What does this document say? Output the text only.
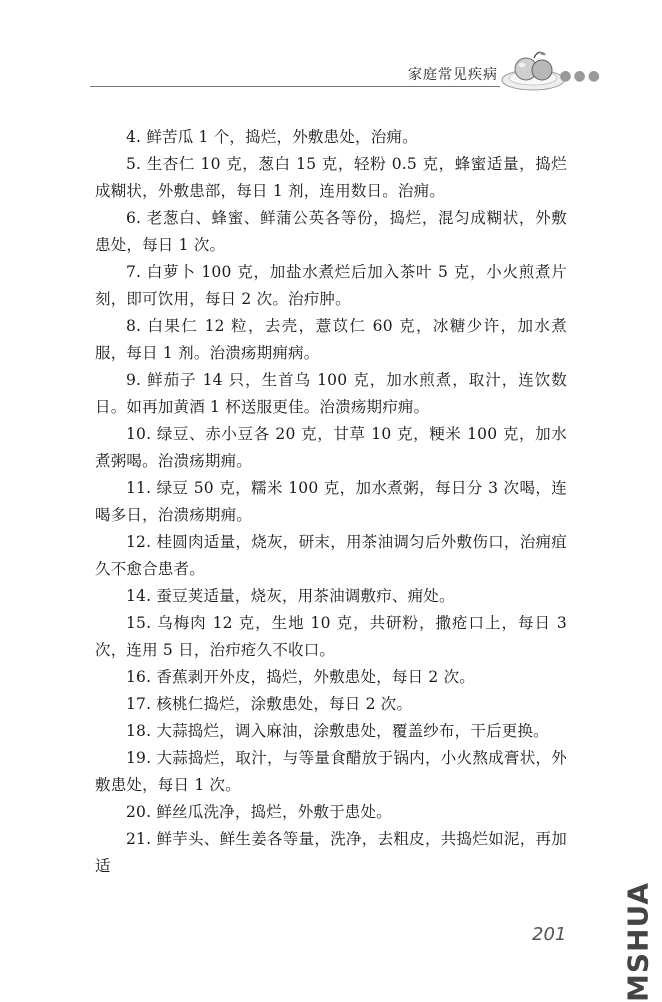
家庭常见疾病	●●●

4. 鲜苦瓜 1 个，捣烂，外敷患处，治痈。

5. 生杏仁 10 克，葱白 15 克，轻粉 0.5 克，蜂蜜适量，捣烂成糊状，外敷患部，每日 1 剂，连用数日。治痈。

6. 老葱白、蜂蜜、鲜蒲公英各等份，捣烂，混匀成糊状，外敷患处，每日 1 次。

7. 白萝卜 100 克，加盐水煮烂后加入茶叶 5 克，小火煎煮片刻，即可饮用，每日 2 次。治疖肿。

8. 白果仁 12 粒，去壳，薏苡仁 60 克，冰糖少许，加水煮服，每日 1 剂。治溃疡期痈病。

9. 鲜茄子 14 只，生首乌 100 克，加水煎煮，取汁，连饮数日。如再加黄酒 1 杯送服更佳。治溃疡期疖痈。

10. 绿豆、赤小豆各 20 克，甘草 10 克，粳米 100 克，加水煮粥喝。治溃疡期痈。

11. 绿豆 50 克，糯米 100 克，加水煮粥，每日分 3 次喝，连喝多日，治溃疡期痈。

12. 桂圆肉适量，烧灰，研末，用茶油调匀后外敷伤口，治痈疽久不愈合患者。

14. 蚕豆荚适量，烧灰，用茶油调敷疖、痈处。

15. 乌梅肉 12 克，生地 10 克，共研粉，撒疮口上，每日 3 次，连用 5 日，治疖疮久不收口。

16. 香蕉剥开外皮，捣烂，外敷患处，每日 2 次。

17. 核桃仁捣烂，涂敷患处，每日 2 次。

18. 大蒜捣烂，调入麻油，涂敷患处，覆盖纱布，干后更换。

19. 大蒜捣烂，取汁，与等量食醋放于锅内，小火熬成膏状，外敷患处，每日 1 次。

20. 鲜丝瓜洗净，捣烂，外敷于患处。

21. 鲜芋头、鲜生姜各等量，洗净，去粗皮，共捣烂如泥，再加适

201 MSHUA
